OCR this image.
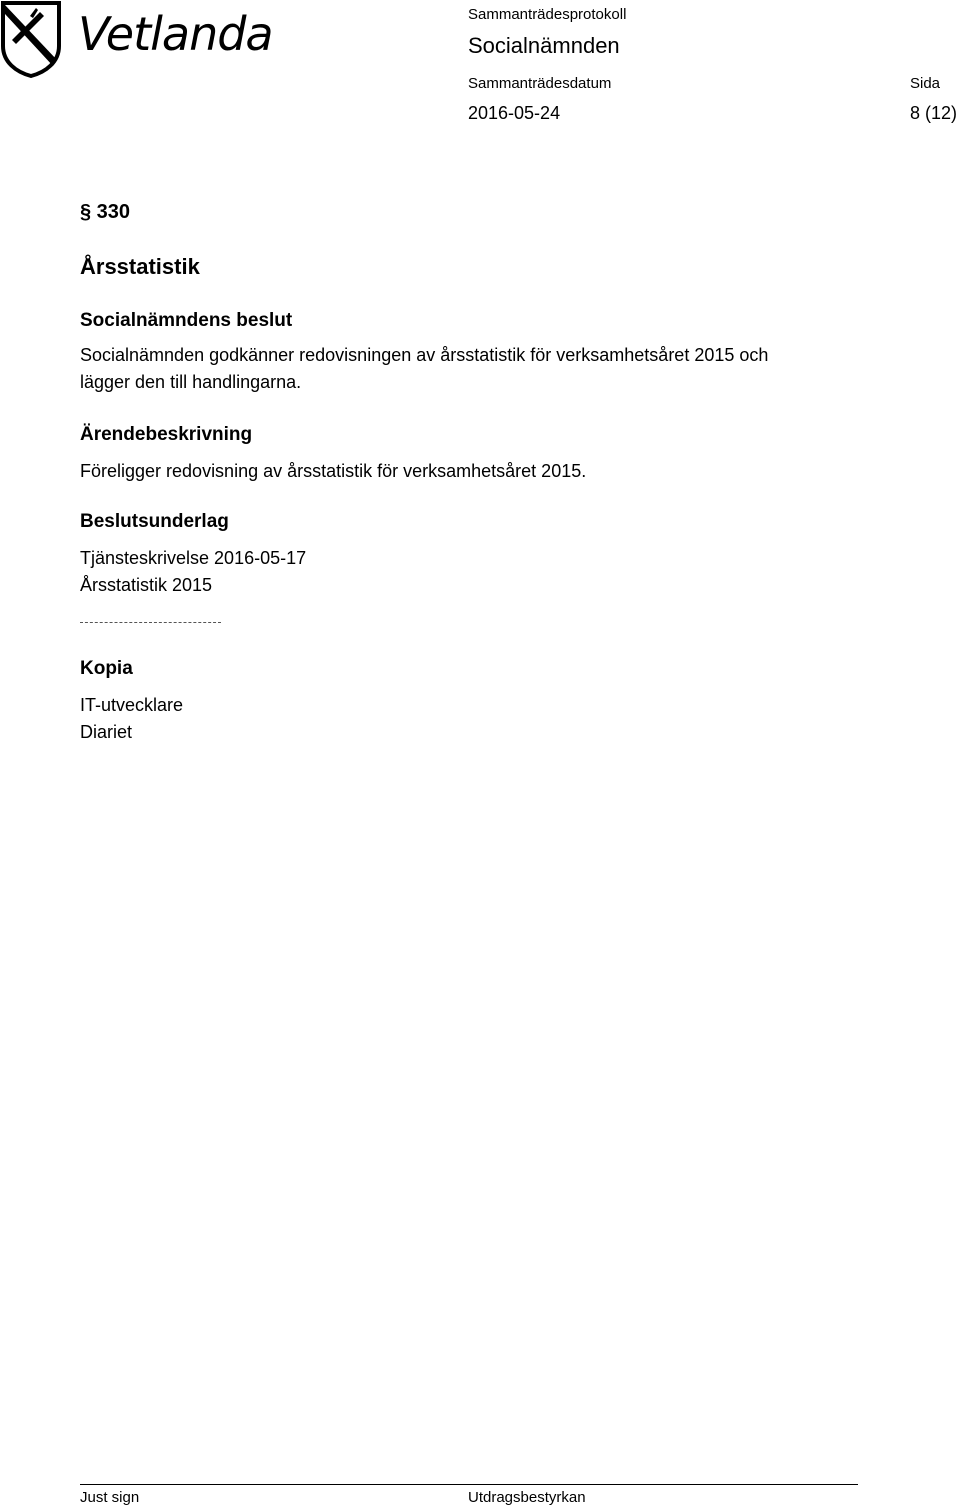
Vetlanda	Sammanträdesprotokoll
Socialnämnden
Sammanträdesdatum	Sida
2016-05-24	8 (12)
§ 330
Årsstatistik
Socialnämndens beslut
Socialnämnden godkänner redovisningen av årsstatistik för verksamhetsåret 2015 och
lägger den till handlingarna.
Ärendebeskrivning
Föreligger redovisning av årsstatistik för verksamhetsåret 2015.
Beslutsunderlag
Tjänsteskrivelse 2016-05-17
Årsstatistik 2015
Kopia
IT-utvecklare
Diariet
Just sign	Utdragsbestyrkan
